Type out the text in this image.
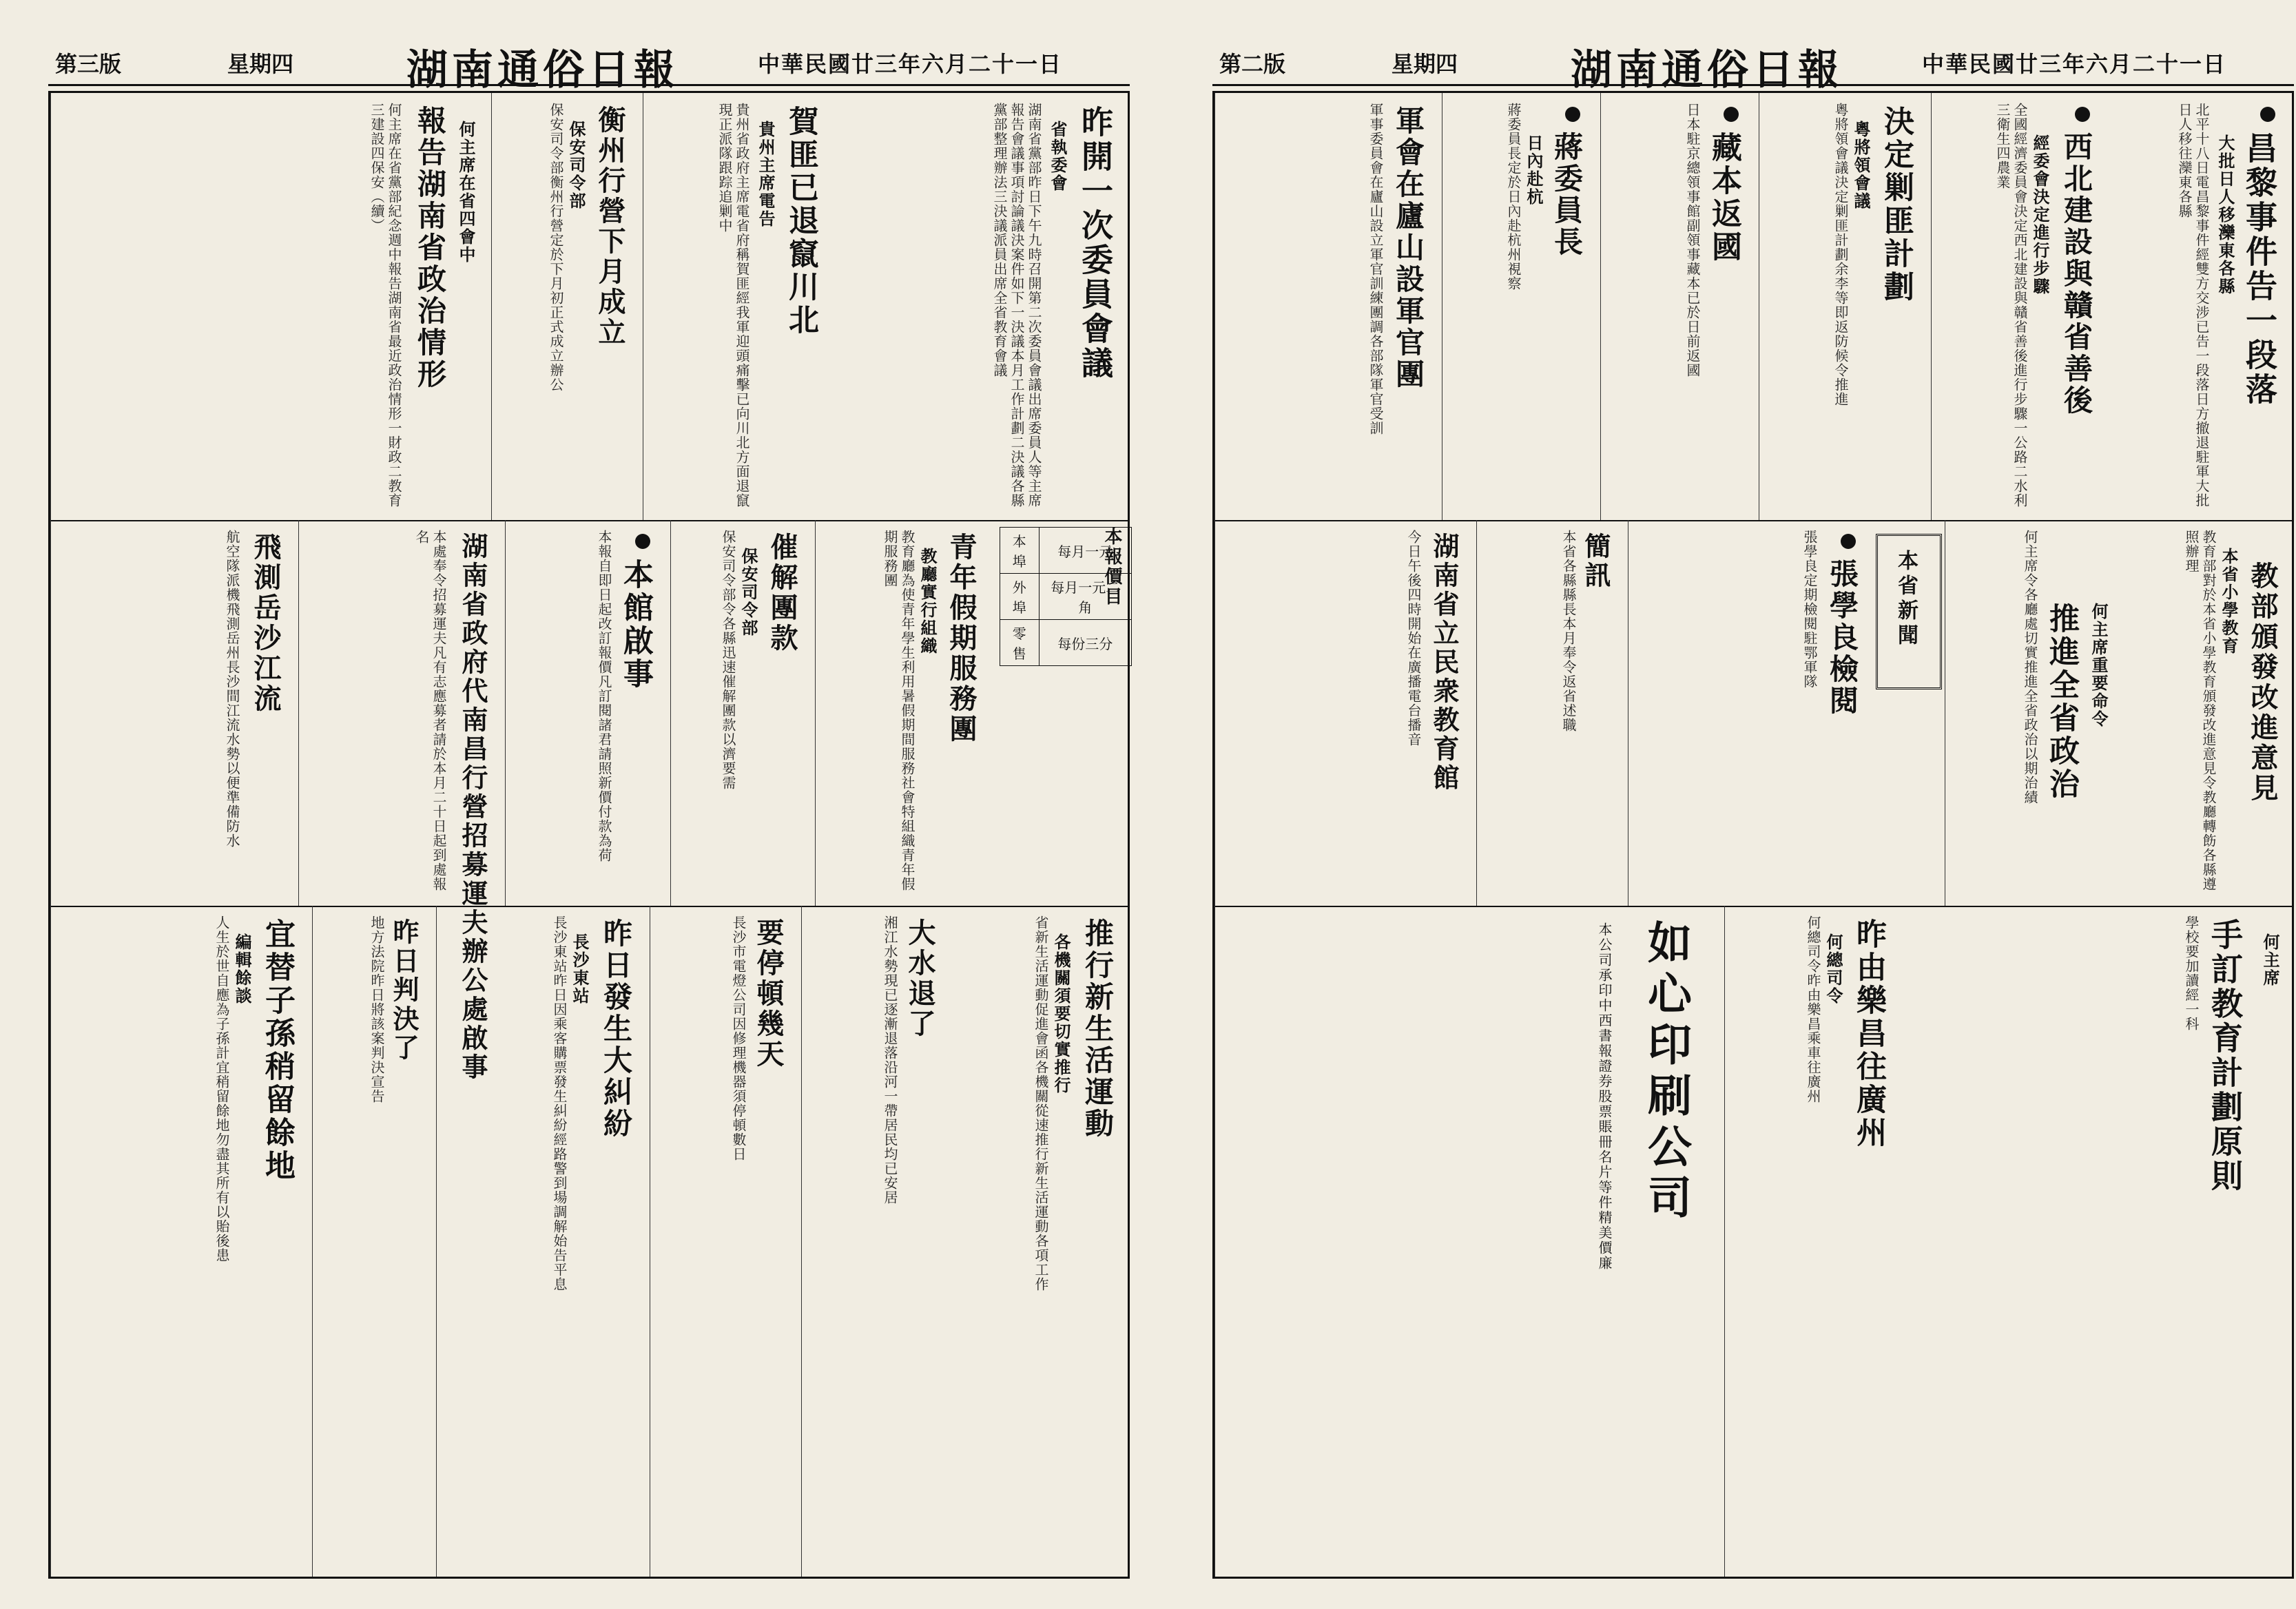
第三版	星期四	湖南通俗日報	中華民國廿三年六月二十一日
昨開一次委員會議
省執委會
湖南省黨部昨日下午九時召開第二次委員會議出席委員人等主席報告會議事項討論議決案件如下一決議本月工作計劃二決議各縣黨部整理辦法三決議派員出席全省教育會議
賀匪已退竄川北
貴州主席電告
貴州省政府主席電省府稱賀匪經我軍迎頭痛擊已向川北方面退竄現正派隊跟踪追剿中
衡州行營下月成立
保安司令部
保安司令部衡州行營定於下月初正式成立辦公
報告湖南省政治情形 何主席在省四會中
何主席在省黨部紀念週中報告湖南省最近政治情形一財政二教育三建設四保安（續）
本報價目
本埠	每月一元
外埠	每月一元二角
零售	每份三分
青年假期服務團
教廳實行組織
教育廳為使青年學生利用暑假期間服務社會特組織青年假期服務團
催解團款
保安司令部
保安司令部令各縣迅速催解團款以濟要需
本館啟事
本報自即日起改訂報價凡訂閱諸君請照新價付款為荷
湖南省政府代南昌行營招募運夫辦公處啟事
本處奉令招募運夫凡有志應募者請於本月二十日起到處報名
飛測岳沙江流
航空隊派機飛測岳州長沙間江流水勢以便準備防水
推行新生活運動
各機關須要切實推行
省新生活運動促進會函各機關從速推行新生活運動各項工作
大水退了
湘江水勢現已逐漸退落沿河一帶居民均已安居
要停頓幾天
長沙市電燈公司因修理機器須停頓數日
昨日發生大糾紛
長沙東站
長沙東站昨日因乘客購票發生糾紛經路警到場調解始告平息
昨日判決了
地方法院昨日將該案判決宣告
宜替子孫稍留餘地
編輯餘談
人生於世自應為子孫計宜稍留餘地勿盡其所有以貽後患
第二版	星期四	湖南通俗日報	中華民國廿三年六月二十一日
昌黎事件告一段落
大批日人移灤東各縣
北平十八日電昌黎事件經雙方交涉已告一段落日方撤退駐軍大批日人移往灤東各縣
西北建設與贛省善後
經委會決定進行步驟
全國經濟委員會決定西北建設與贛省善後進行步驟一公路二水利三衛生四農業
決定剿匪計劃
粵將領會議
粵將領會議決定剿匪計劃余李等即返防候令推進
藏本返國
日本駐京總領事館副領事藏本已於日前返國
蔣委員長
日內赴杭
蔣委員長定於日內赴杭州視察
軍會在廬山設軍官團
軍事委員會在廬山設立軍官訓練團調各部隊軍官受訓
教部頒發改進意見
本省小學教育
教育部對於本省小學教育頒發改進意見令教廳轉飭各縣遵照辦理
推進全省政治 何主席重要命令
何主席令各廳處切實推進全省政治以期治績
本省新聞
張學良檢閱
張學良定期檢閱駐鄂軍隊
簡訊
本省各縣縣長本月奉令返省述職
湖南省立民衆教育館
今日午後四時開始在廣播電台播音
手訂教育計劃原則 何主席
學校要加讀經一科
昨由樂昌往廣州
何總司令
何總司令昨由樂昌乘車往廣州
如心印刷公司
本公司承印中西書報證券股票賬冊名片等件精美價廉
